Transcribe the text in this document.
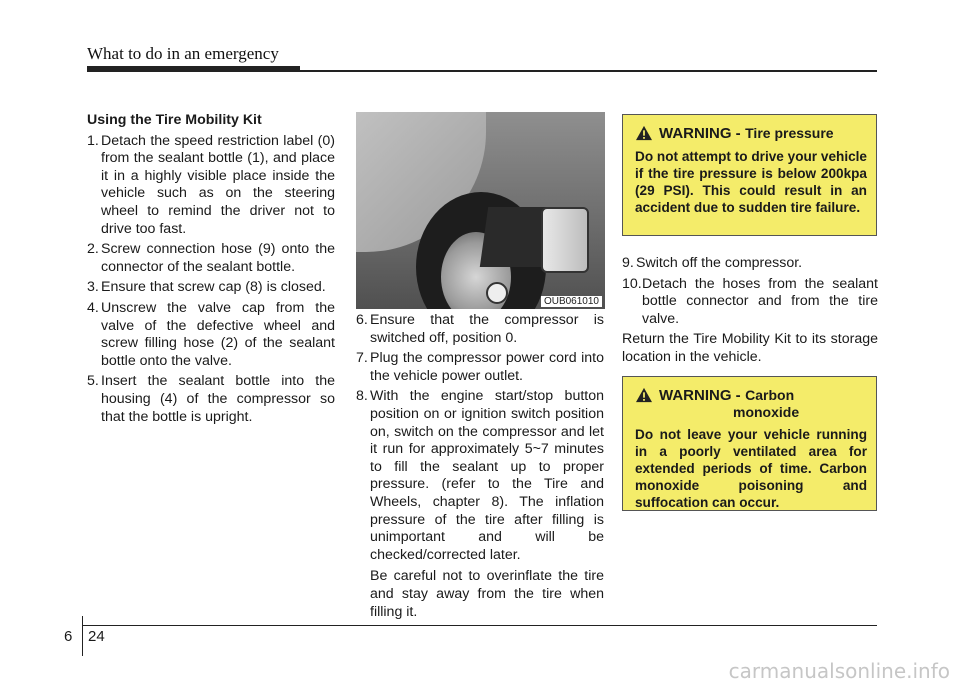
What to do in an emergency
Using the Tire Mobility Kit
1. Detach the speed restriction label (0) from the sealant bottle (1), and place it in a highly visible place inside the vehicle such as on the steering wheel to remind the driver not to drive too fast.
2. Screw connection hose (9) onto the connector of the sealant bottle.
3. Ensure that screw cap (8) is closed.
4. Unscrew the valve cap from the valve of the defective wheel and screw filling hose (2) of the sealant bottle onto the valve.
5. Insert the sealant bottle into the housing (4) of the compressor so that the bottle is upright.
OUB061010
6. Ensure that the compressor is switched off, position 0.
7. Plug the compressor power cord into the vehicle power outlet.
8. With the engine start/stop button position on or ignition switch position on, switch on the compressor and let it run for approximately 5~7 minutes to fill the sealant up to proper pressure. (refer to the Tire and Wheels, chapter 8). The inflation pressure of the tire after filling is unimportant and will be checked/corrected later.
Be careful not to overinflate the tire and stay away from the tire when filling it.
WARNING - Tire pressure
Do not attempt to drive your vehicle if the tire pressure is below 200kpa (29 PSI). This could result in an accident due to sudden tire failure.
9. Switch off the compressor.
10. Detach the hoses from the sealant bottle connector and from the tire valve.
Return the Tire Mobility Kit to its storage location in the vehicle.
WARNING - Carbon
monoxide
Do not leave your vehicle running in a poorly ventilated area for extended periods of time. Carbon monoxide poisoning and suffocation can occur.
6 24
carmanualsonline.info
